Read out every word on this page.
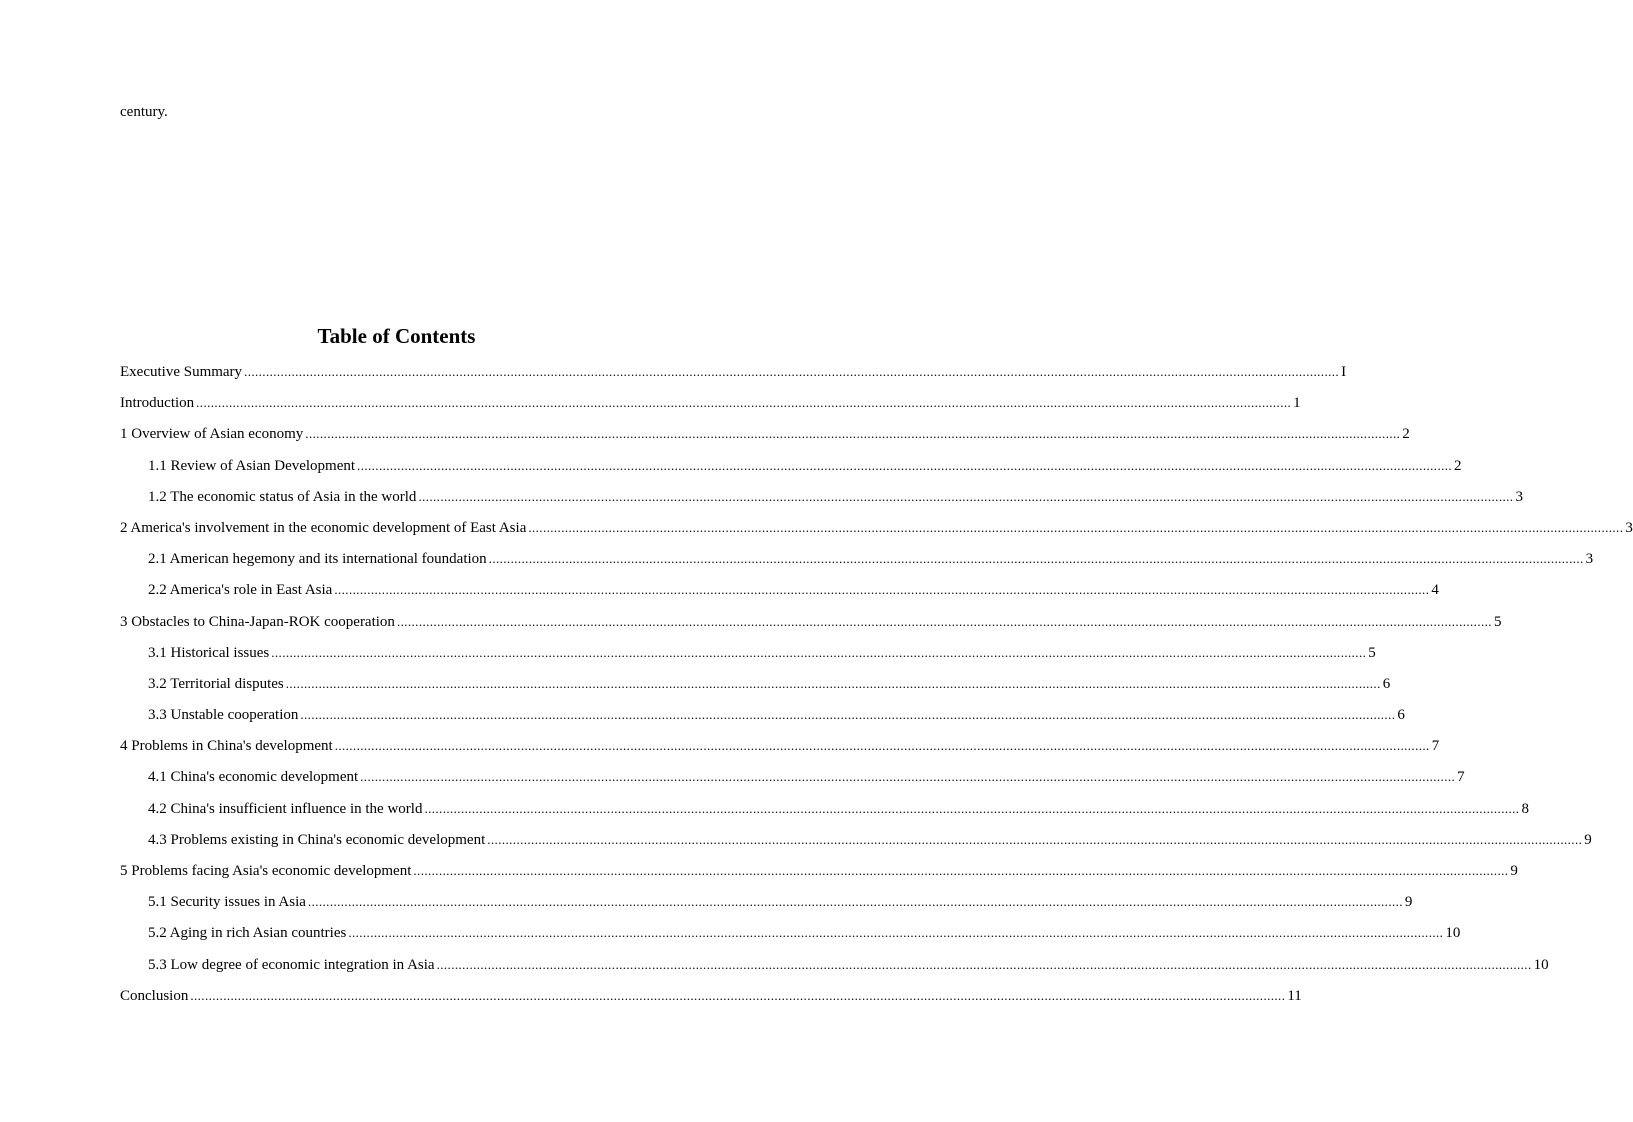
century.
Table of Contents
Executive Summary ............................................................................................................................................................................................................................................................................................................ I
Introduction ............................................................................................................................................................................................................................................................................................................ 1
1 Overview of Asian economy ............................................................................................................................................................................................................................................................................................................ 2
1.1 Review of Asian Development ............................................................................................................................................................................................................................................................................................................ 2
1.2 The economic status of Asia in the world ............................................................................................................................................................................................................................................................................................................ 3
2 America's involvement in the economic development of East Asia ............................................................................................................................................................................................................................................................................................................ 3
2.1 American hegemony and its international foundation ............................................................................................................................................................................................................................................................................................................ 3
2.2 America's role in East Asia ............................................................................................................................................................................................................................................................................................................ 4
3 Obstacles to China-Japan-ROK cooperation ............................................................................................................................................................................................................................................................................................................ 5
3.1 Historical issues ............................................................................................................................................................................................................................................................................................................ 5
3.2 Territorial disputes ............................................................................................................................................................................................................................................................................................................ 6
3.3 Unstable cooperation ............................................................................................................................................................................................................................................................................................................ 6
4 Problems in China's development ............................................................................................................................................................................................................................................................................................................ 7
4.1 China's economic development ............................................................................................................................................................................................................................................................................................................ 7
4.2 China's insufficient influence in the world ............................................................................................................................................................................................................................................................................................................ 8
4.3 Problems existing in China's economic development ............................................................................................................................................................................................................................................................................................................ 9
5 Problems facing Asia's economic development ............................................................................................................................................................................................................................................................................................................ 9
5.1 Security issues in Asia ............................................................................................................................................................................................................................................................................................................ 9
5.2 Aging in rich Asian countries ............................................................................................................................................................................................................................................................................................................ 10
5.3 Low degree of economic integration in Asia ............................................................................................................................................................................................................................................................................................................ 10
Conclusion ............................................................................................................................................................................................................................................................................................................ 11
